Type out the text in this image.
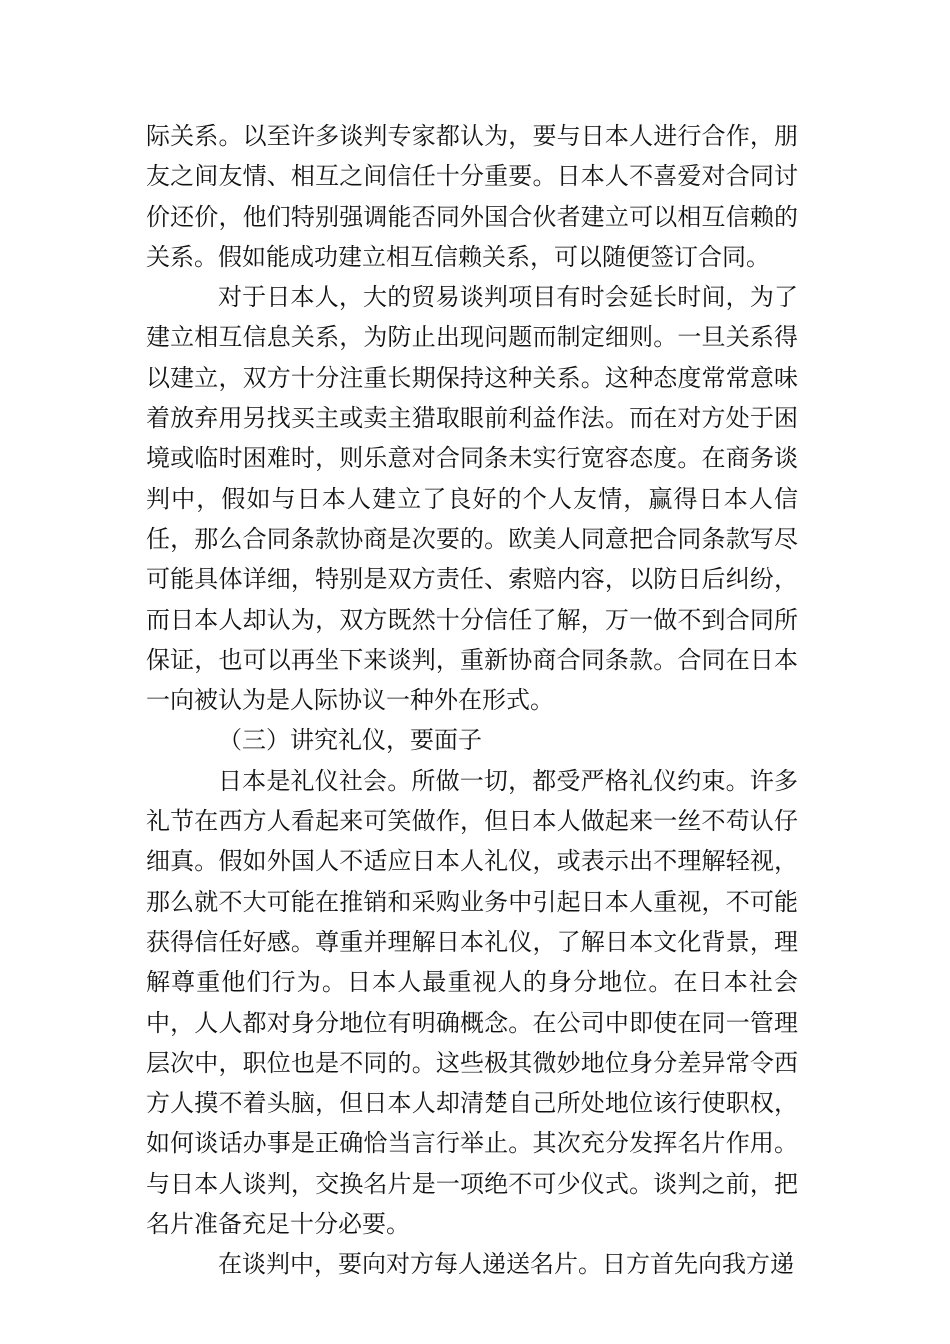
际关系。以至许多谈判专家都认为，要与日本人进行合作，朋友之间友情、相互之间信任十分重要。日本人不喜爱对合同讨价还价，他们特别强调能否同外国合伙者建立可以相互信赖的关系。假如能成功建立相互信赖关系，可以随便签订合同。

对于日本人，大的贸易谈判项目有时会延长时间，为了建立相互信息关系，为防止出现问题而制定细则。一旦关系得以建立，双方十分注重长期保持这种关系。这种态度常常意味着放弃用另找买主或卖主猎取眼前利益作法。而在对方处于困境或临时困难时，则乐意对合同条未实行宽容态度。在商务谈判中，假如与日本人建立了良好的个人友情，赢得日本人信任，那么合同条款协商是次要的。欧美人同意把合同条款写尽可能具体详细，特别是双方责任、索赔内容，以防日后纠纷，而日本人却认为，双方既然十分信任了解，万一做不到合同所保证，也可以再坐下来谈判，重新协商合同条款。合同在日本一向被认为是人际协议一种外在形式。

（三）讲究礼仪，要面子

日本是礼仪社会。所做一切，都受严格礼仪约束。许多礼节在西方人看起来可笑做作，但日本人做起来一丝不苟认仔细真。假如外国人不适应日本人礼仪，或表示出不理解轻视，那么就不大可能在推销和采购业务中引起日本人重视，不可能获得信任好感。尊重并理解日本礼仪，了解日本文化背景，理解尊重他们行为。日本人最重视人的身分地位。在日本社会中，人人都对身分地位有明确概念。在公司中即使在同一管理层次中，职位也是不同的。这些极其微妙地位身分差异常令西方人摸不着头脑，但日本人却清楚自己所处地位该行使职权，如何谈话办事是正确恰当言行举止。其次充分发挥名片作用。与日本人谈判，交换名片是一项绝不可少仪式。谈判之前，把名片准备充足十分必要。

在谈判中，要向对方每人递送名片。日方首先向我方递
